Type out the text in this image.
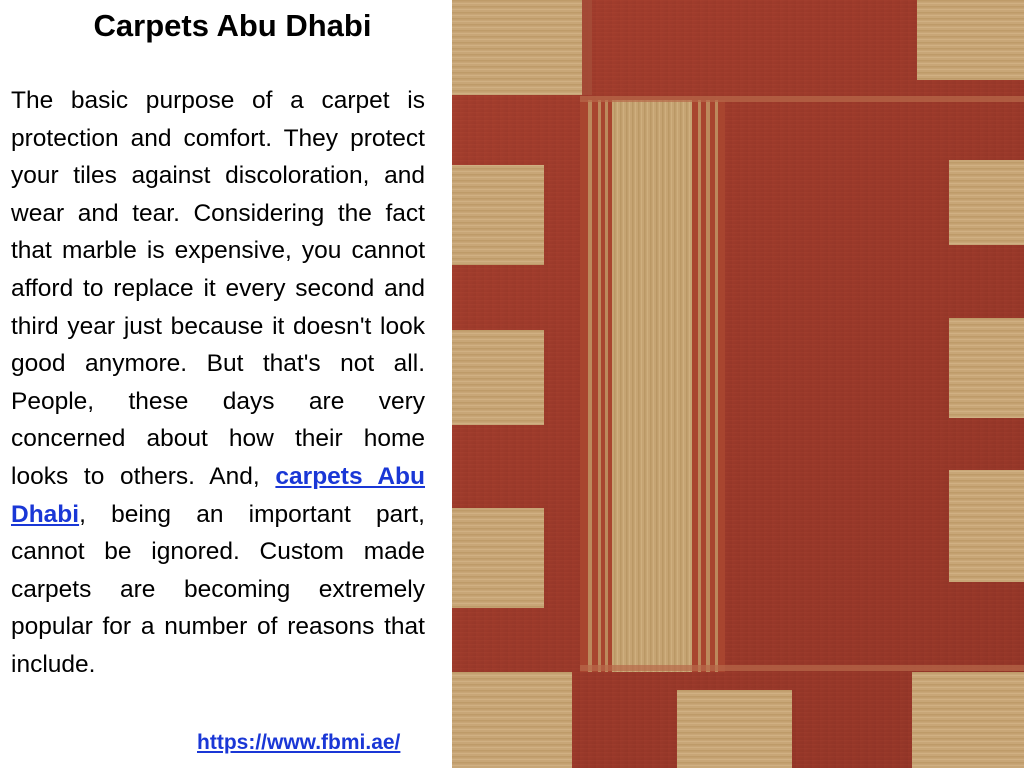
Carpets Abu Dhabi

The basic purpose of a carpet is protection and comfort. They protect your tiles against discoloration, and wear and tear. Considering the fact that marble is expensive, you cannot afford to replace it every second and third year just because it doesn't look good anymore. But that's not all. People, these days are very concerned about how their home looks to others. And, carpets Abu Dhabi, being an important part, cannot be ignored. Custom made carpets are becoming extremely popular for a number of reasons that include.

https://www.fbmi.ae/
